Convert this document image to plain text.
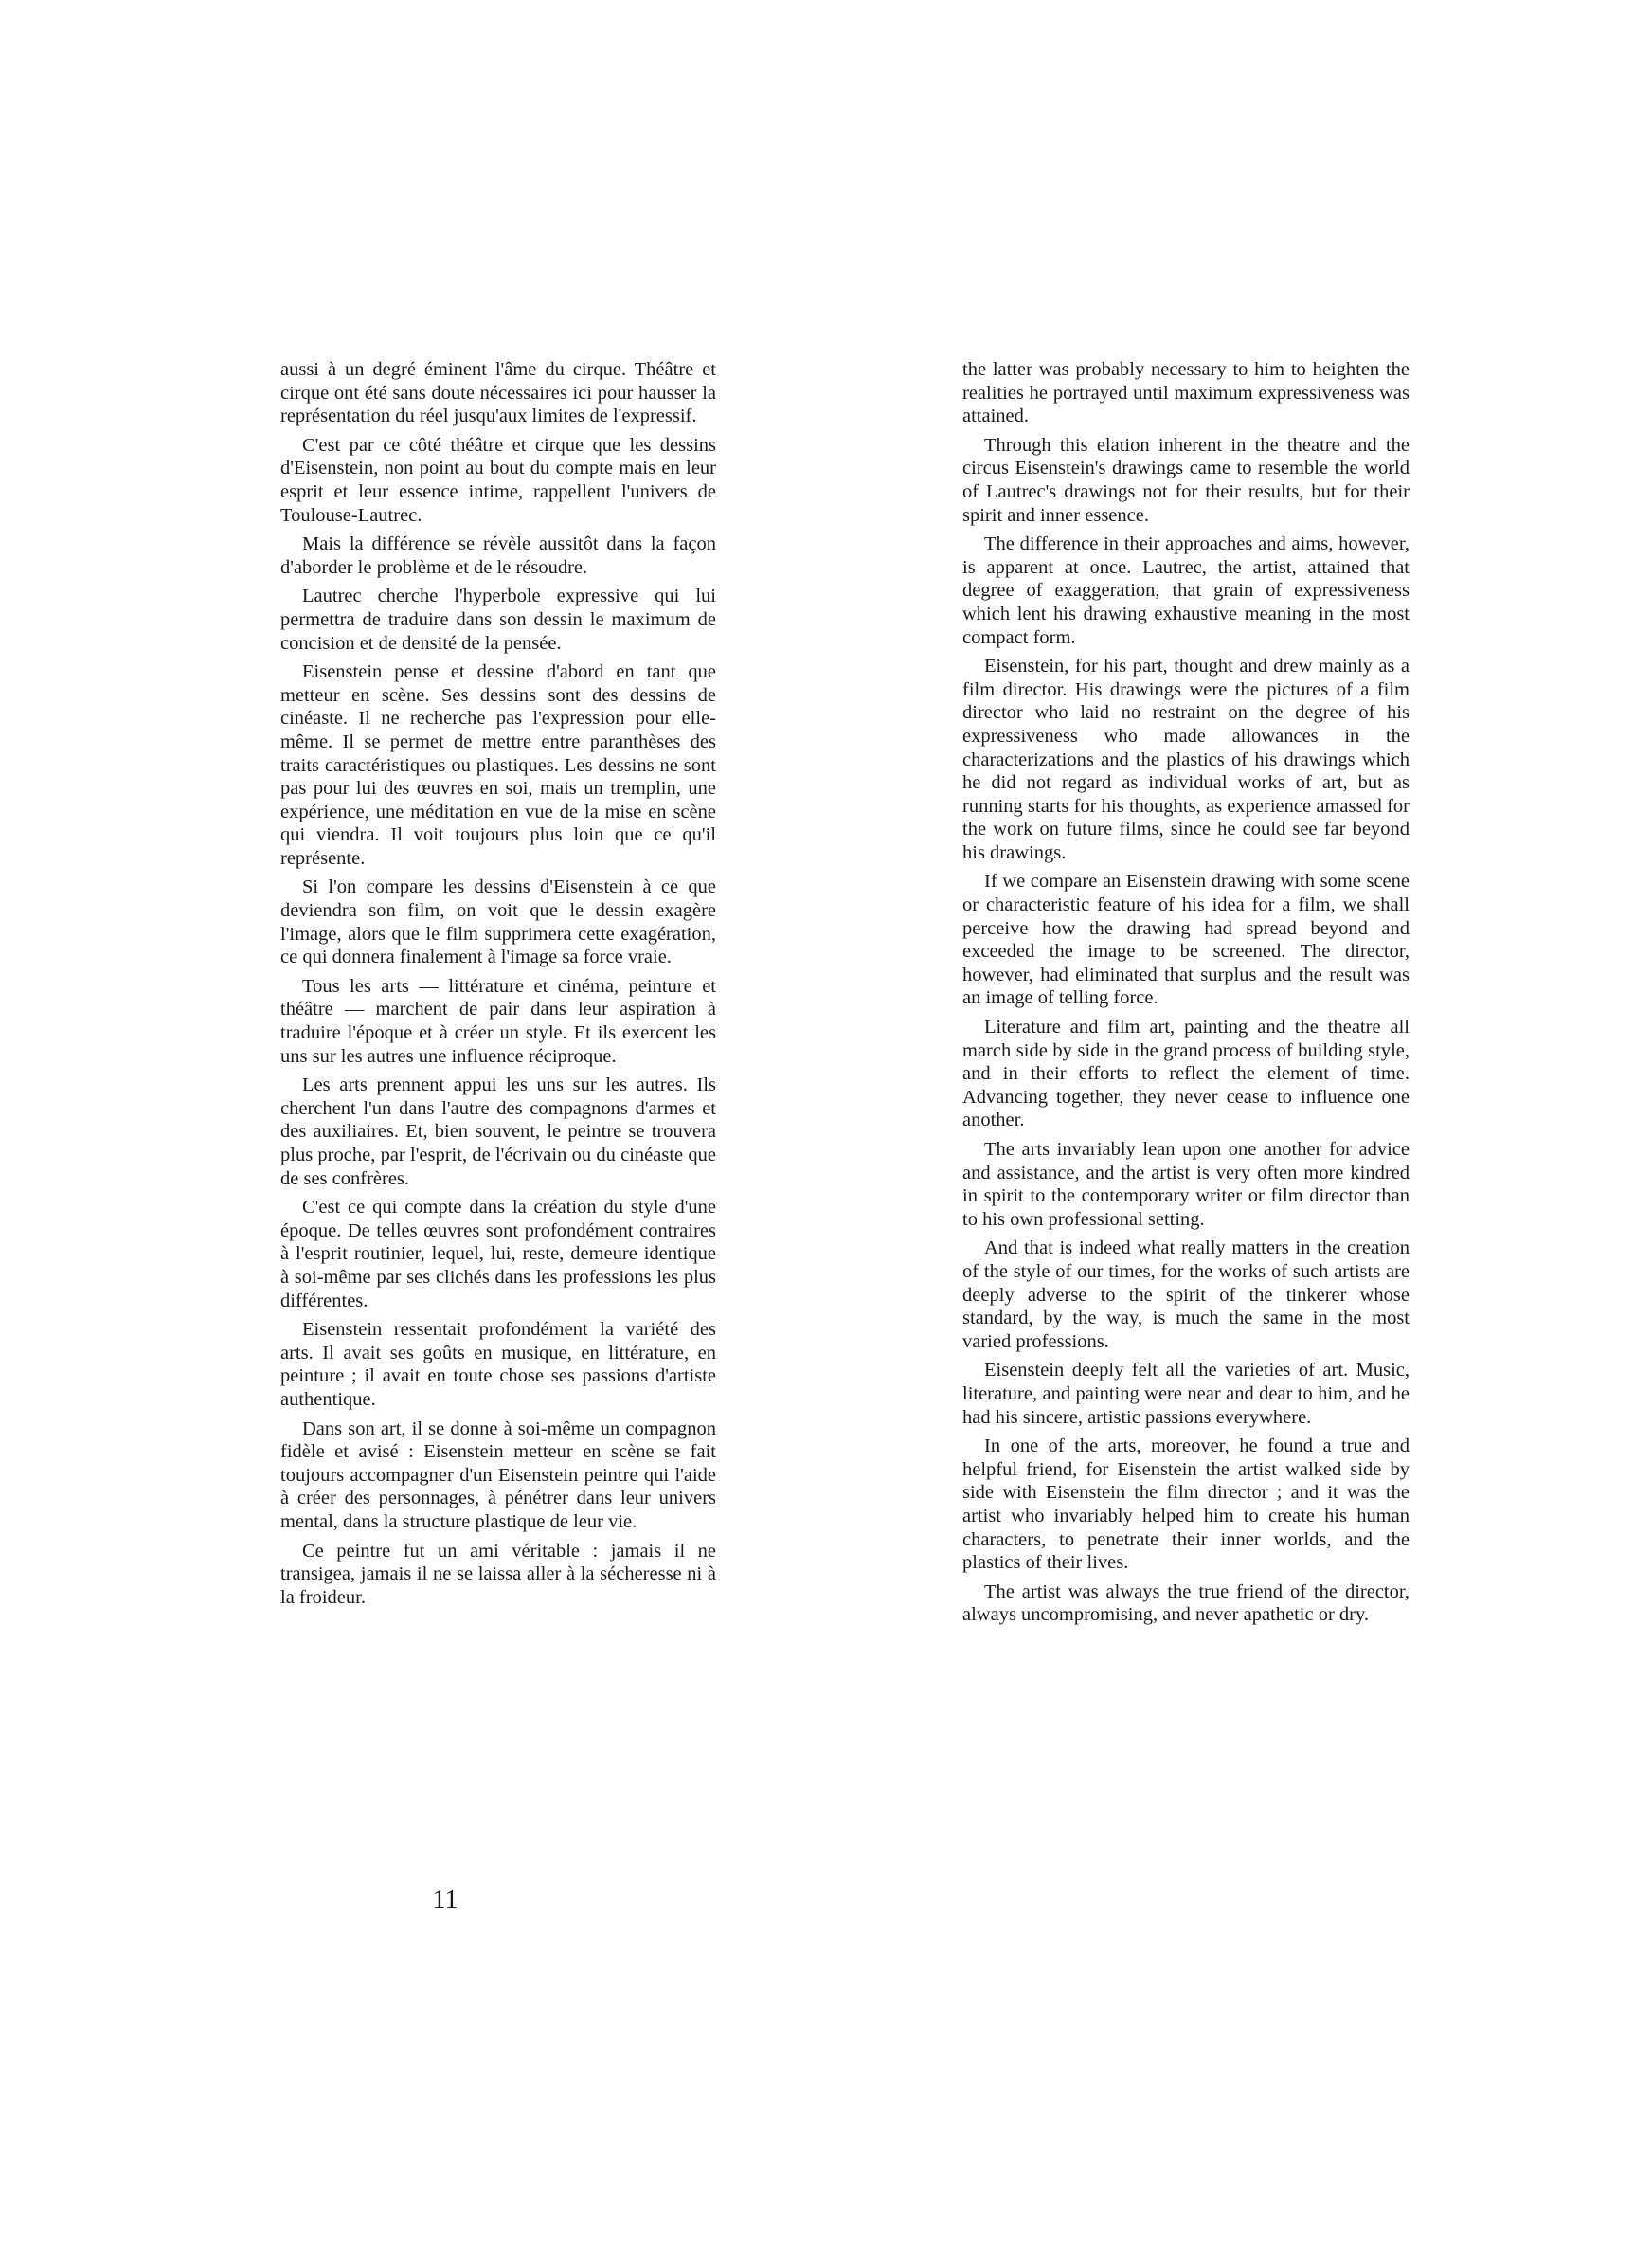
aussi à un degré éminent l'âme du cirque. Théâtre et cirque ont été sans doute nécessaires ici pour hausser la représentation du réel jusqu'aux limites de l'expressif.

C'est par ce côté théâtre et cirque que les dessins d'Eisenstein, non point au bout du compte mais en leur esprit et leur essence intime, rappellent l'univers de Toulouse-Lautrec.

Mais la différence se révèle aussitôt dans la façon d'aborder le problème et de le résoudre.

Lautrec cherche l'hyperbole expressive qui lui permettra de traduire dans son dessin le maximum de concision et de densité de la pensée.

Eisenstein pense et dessine d'abord en tant que metteur en scène. Ses dessins sont des dessins de cinéaste. Il ne recherche pas l'expression pour elle-même. Il se permet de mettre entre paranthèses des traits caractéristiques ou plastiques. Les dessins ne sont pas pour lui des œuvres en soi, mais un tremplin, une expérience, une méditation en vue de la mise en scène qui viendra. Il voit toujours plus loin que ce qu'il représente.

Si l'on compare les dessins d'Eisenstein à ce que deviendra son film, on voit que le dessin exagère l'image, alors que le film supprimera cette exagération, ce qui donnera finalement à l'image sa force vraie.

Tous les arts — littérature et cinéma, peinture et théâtre — marchent de pair dans leur aspiration à traduire l'époque et à créer un style. Et ils exercent les uns sur les autres une influence réciproque.

Les arts prennent appui les uns sur les autres. Ils cherchent l'un dans l'autre des compagnons d'armes et des auxiliaires. Et, bien souvent, le peintre se trouvera plus proche, par l'esprit, de l'écrivain ou du cinéaste que de ses confrères.

C'est ce qui compte dans la création du style d'une époque. De telles œuvres sont profondément contraires à l'esprit routinier, lequel, lui, reste, demeure identique à soi-même par ses clichés dans les professions les plus différentes.

Eisenstein ressentait profondément la variété des arts. Il avait ses goûts en musique, en littérature, en peinture ; il avait en toute chose ses passions d'artiste authentique.

Dans son art, il se donne à soi-même un compagnon fidèle et avisé : Eisenstein metteur en scène se fait toujours accompagner d'un Eisenstein peintre qui l'aide à créer des personnages, à pénétrer dans leur univers mental, dans la structure plastique de leur vie.

Ce peintre fut un ami véritable : jamais il ne transigea, jamais il ne se laissa aller à la sécheresse ni à la froideur.

the latter was probably necessary to him to heighten the realities he portrayed until maximum expressiveness was attained.

Through this elation inherent in the theatre and the circus Eisenstein's drawings came to resemble the world of Lautrec's drawings not for their results, but for their spirit and inner essence.

The difference in their approaches and aims, however, is apparent at once. Lautrec, the artist, attained that degree of exaggeration, that grain of expressiveness which lent his drawing exhaustive meaning in the most compact form.

Eisenstein, for his part, thought and drew mainly as a film director. His drawings were the pictures of a film director who laid no restraint on the degree of his expressiveness who made allowances in the characterizations and the plastics of his drawings which he did not regard as individual works of art, but as running starts for his thoughts, as experience amassed for the work on future films, since he could see far beyond his drawings.

If we compare an Eisenstein drawing with some scene or characteristic feature of his idea for a film, we shall perceive how the drawing had spread beyond and exceeded the image to be screened. The director, however, had eliminated that surplus and the result was an image of telling force.

Literature and film art, painting and the theatre all march side by side in the grand process of building style, and in their efforts to reflect the element of time. Advancing together, they never cease to influence one another.

The arts invariably lean upon one another for advice and assistance, and the artist is very often more kindred in spirit to the contemporary writer or film director than to his own professional setting.

And that is indeed what really matters in the creation of the style of our times, for the works of such artists are deeply adverse to the spirit of the tinkerer whose standard, by the way, is much the same in the most varied professions.

Eisenstein deeply felt all the varieties of art. Music, literature, and painting were near and dear to him, and he had his sincere, artistic passions everywhere.

In one of the arts, moreover, he found a true and helpful friend, for Eisenstein the artist walked side by side with Eisenstein the film director ; and it was the artist who invariably helped him to create his human characters, to penetrate their inner worlds, and the plastics of their lives.

The artist was always the true friend of the director, always uncompromising, and never apathetic or dry.

11
